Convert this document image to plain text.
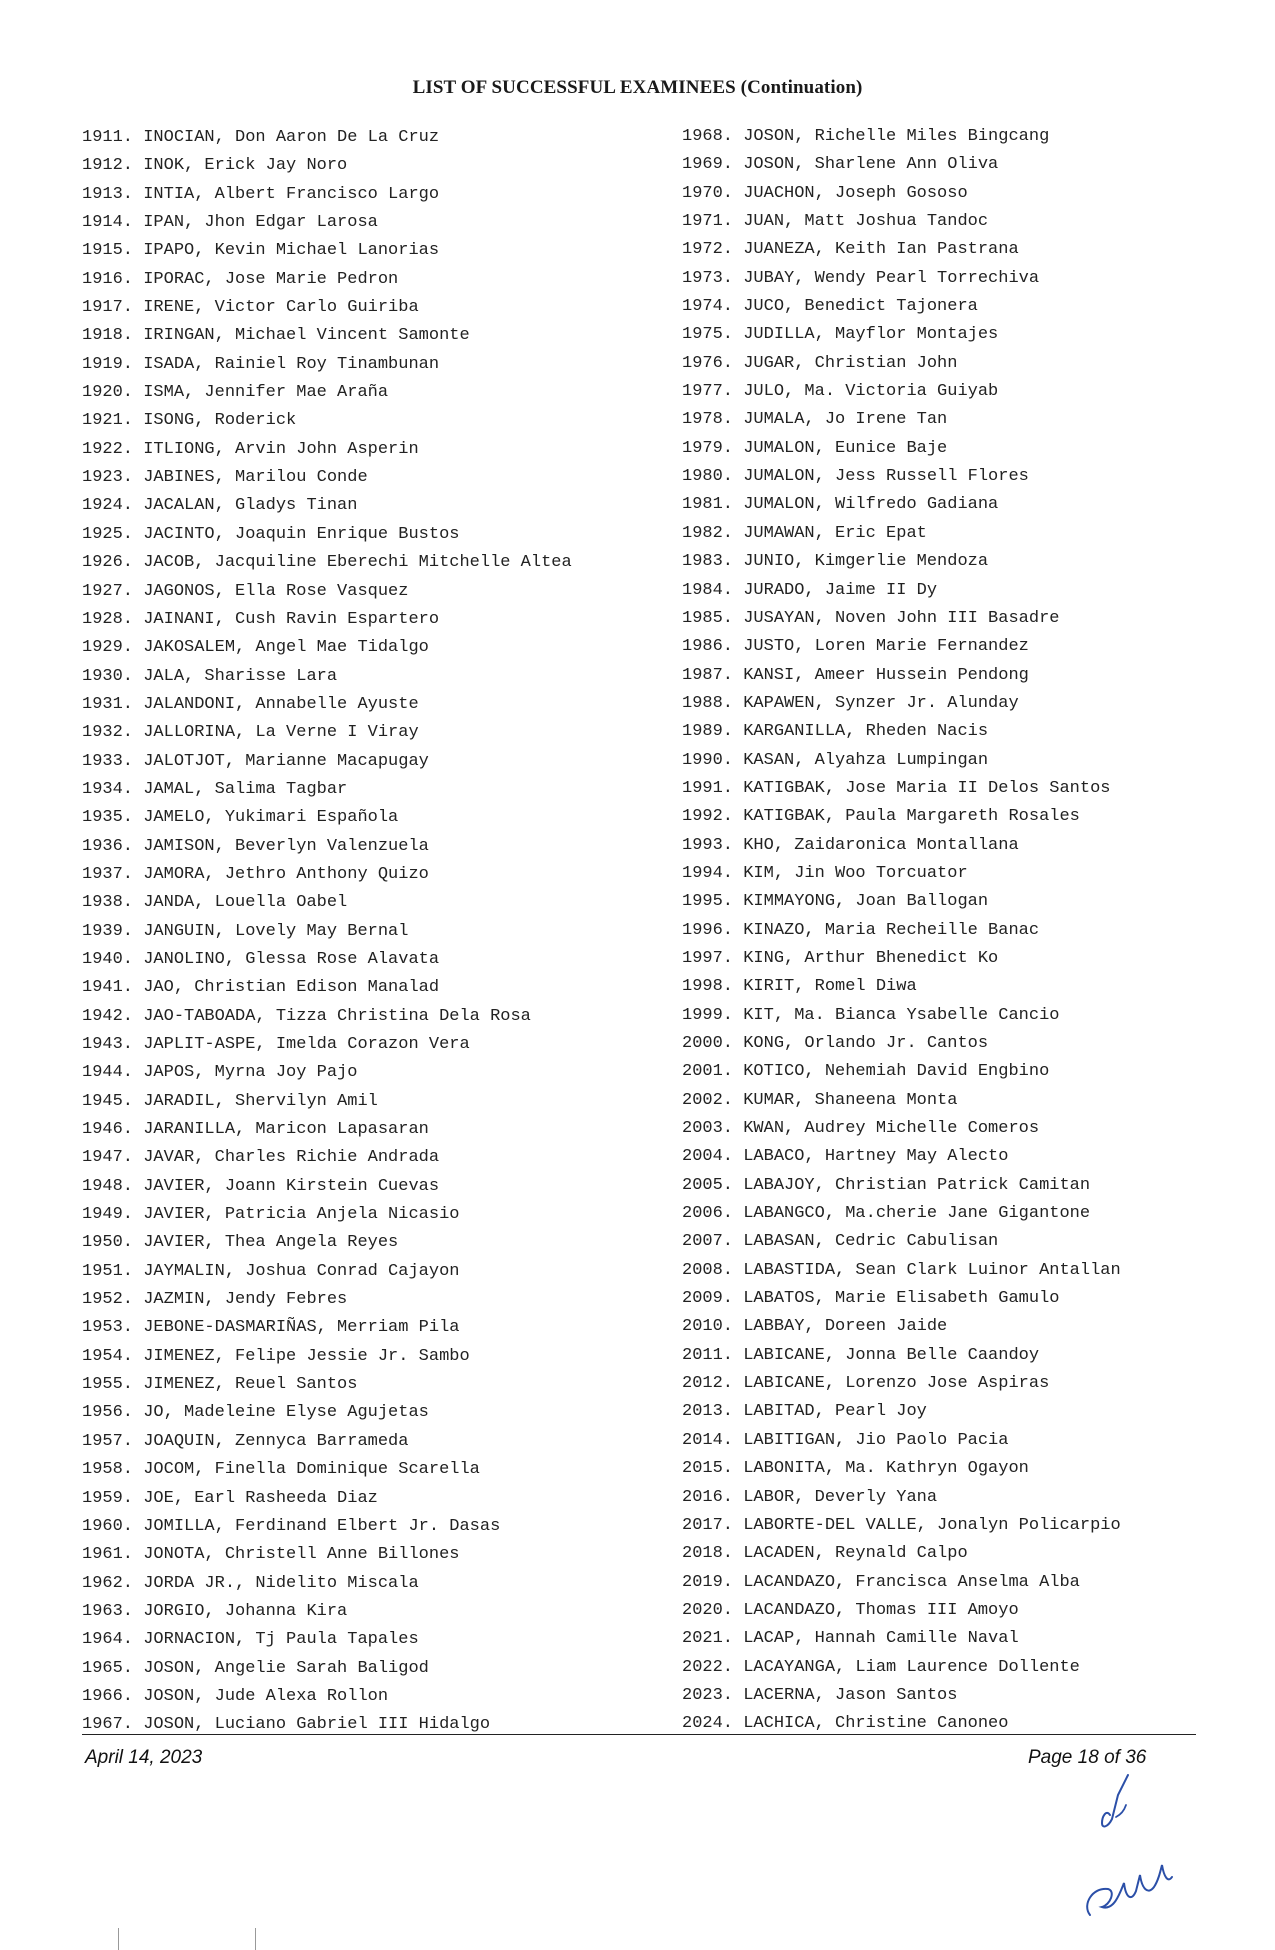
LIST OF SUCCESSFUL EXAMINEES (Continuation)
1911. INOCIAN, Don Aaron De La Cruz
1912. INOK, Erick Jay Noro
1913. INTIA, Albert Francisco Largo
1914. IPAN, Jhon Edgar Larosa
1915. IPAPO, Kevin Michael Lanorias
1916. IPORAC, Jose Marie Pedron
1917. IRENE, Victor Carlo Guiriba
1918. IRINGAN, Michael Vincent Samonte
1919. ISADA, Rainiel Roy Tinambunan
1920. ISMA, Jennifer Mae Araña
1921. ISONG, Roderick
1922. ITLIONG, Arvin John Asperin
1923. JABINES, Marilou Conde
1924. JACALAN, Gladys Tinan
1925. JACINTO, Joaquin Enrique Bustos
1926. JACOB, Jacquiline Eberechi Mitchelle Altea
1927. JAGONOS, Ella Rose Vasquez
1928. JAINANI, Cush Ravin Espartero
1929. JAKOSALEM, Angel Mae Tidalgo
1930. JALA, Sharisse Lara
1931. JALANDONI, Annabelle Ayuste
1932. JALLORINA, La Verne I Viray
1933. JALOTJOT, Marianne Macapugay
1934. JAMAL, Salima Tagbar
1935. JAMELO, Yukimari Española
1936. JAMISON, Beverlyn Valenzuela
1937. JAMORA, Jethro Anthony Quizo
1938. JANDA, Louella Oabel
1939. JANGUIN, Lovely May Bernal
1940. JANOLINO, Glessa Rose Alavata
1941. JAO, Christian Edison Manalad
1942. JAO-TABOADA, Tizza Christina Dela Rosa
1943. JAPLIT-ASPE, Imelda Corazon Vera
1944. JAPOS, Myrna Joy Pajo
1945. JARADIL, Shervilyn Amil
1946. JARANILLA, Maricon Lapasaran
1947. JAVAR, Charles Richie Andrada
1948. JAVIER, Joann Kirstein Cuevas
1949. JAVIER, Patricia Anjela Nicasio
1950. JAVIER, Thea Angela Reyes
1951. JAYMALIN, Joshua Conrad Cajayon
1952. JAZMIN, Jendy Febres
1953. JEBONE-DASMARIÑAS, Merriam Pila
1954. JIMENEZ, Felipe Jessie Jr. Sambo
1955. JIMENEZ, Reuel Santos
1956. JO, Madeleine Elyse Agujetas
1957. JOAQUIN, Zennyca Barrameda
1958. JOCOM, Finella Dominique Scarella
1959. JOE, Earl Rasheeda Diaz
1960. JOMILLA, Ferdinand Elbert Jr. Dasas
1961. JONOTA, Christell Anne Billones
1962. JORDA JR., Nidelito Miscala
1963. JORGIO, Johanna Kira
1964. JORNACION, Tj Paula Tapales
1965. JOSON, Angelie Sarah Baligod
1966. JOSON, Jude Alexa Rollon
1967. JOSON, Luciano Gabriel III Hidalgo
1968. JOSON, Richelle Miles Bingcang
1969. JOSON, Sharlene Ann Oliva
1970. JUACHON, Joseph Gososo
1971. JUAN, Matt Joshua Tandoc
1972. JUANEZA, Keith Ian Pastrana
1973. JUBAY, Wendy Pearl Torrechiva
1974. JUCO, Benedict Tajonera
1975. JUDILLA, Mayflor Montajes
1976. JUGAR, Christian John
1977. JULO, Ma. Victoria Guiyab
1978. JUMALA, Jo Irene Tan
1979. JUMALON, Eunice Baje
1980. JUMALON, Jess Russell Flores
1981. JUMALON, Wilfredo Gadiana
1982. JUMAWAN, Eric Epat
1983. JUNIO, Kimgerlie Mendoza
1984. JURADO, Jaime II Dy
1985. JUSAYAN, Noven John III Basadre
1986. JUSTO, Loren Marie Fernandez
1987. KANSI, Ameer Hussein Pendong
1988. KAPAWEN, Synzer Jr. Alunday
1989. KARGANILLA, Rheden Nacis
1990. KASAN, Alyahza Lumpingan
1991. KATIGBAK, Jose Maria II Delos Santos
1992. KATIGBAK, Paula Margareth Rosales
1993. KHO, Zaidaronica Montallana
1994. KIM, Jin Woo Torcuator
1995. KIMMAYONG, Joan Ballogan
1996. KINAZO, Maria Recheille Banac
1997. KING, Arthur Bhenedict Ko
1998. KIRIT, Romel Diwa
1999. KIT, Ma. Bianca Ysabelle Cancio
2000. KONG, Orlando Jr. Cantos
2001. KOTICO, Nehemiah David Engbino
2002. KUMAR, Shaneena Monta
2003. KWAN, Audrey Michelle Comeros
2004. LABACO, Hartney May Alecto
2005. LABAJOY, Christian Patrick Camitan
2006. LABANGCO, Ma.cherie Jane Gigantone
2007. LABASAN, Cedric Cabulisan
2008. LABASTIDA, Sean Clark Luinor Antallan
2009. LABATOS, Marie Elisabeth Gamulo
2010. LABBAY, Doreen Jaide
2011. LABICANE, Jonna Belle Caandoy
2012. LABICANE, Lorenzo Jose Aspiras
2013. LABITAD, Pearl Joy
2014. LABITIGAN, Jio Paolo Pacia
2015. LABONITA, Ma. Kathryn Ogayon
2016. LABOR, Deverly Yana
2017. LABORTE-DEL VALLE, Jonalyn Policarpio
2018. LACADEN, Reynald Calpo
2019. LACANDAZO, Francisca Anselma Alba
2020. LACANDAZO, Thomas III Amoyo
2021. LACAP, Hannah Camille Naval
2022. LACAYANGA, Liam Laurence Dollente
2023. LACERNA, Jason Santos
2024. LACHICA, Christine Canoneo
April 14, 2023	Page 18 of 36
